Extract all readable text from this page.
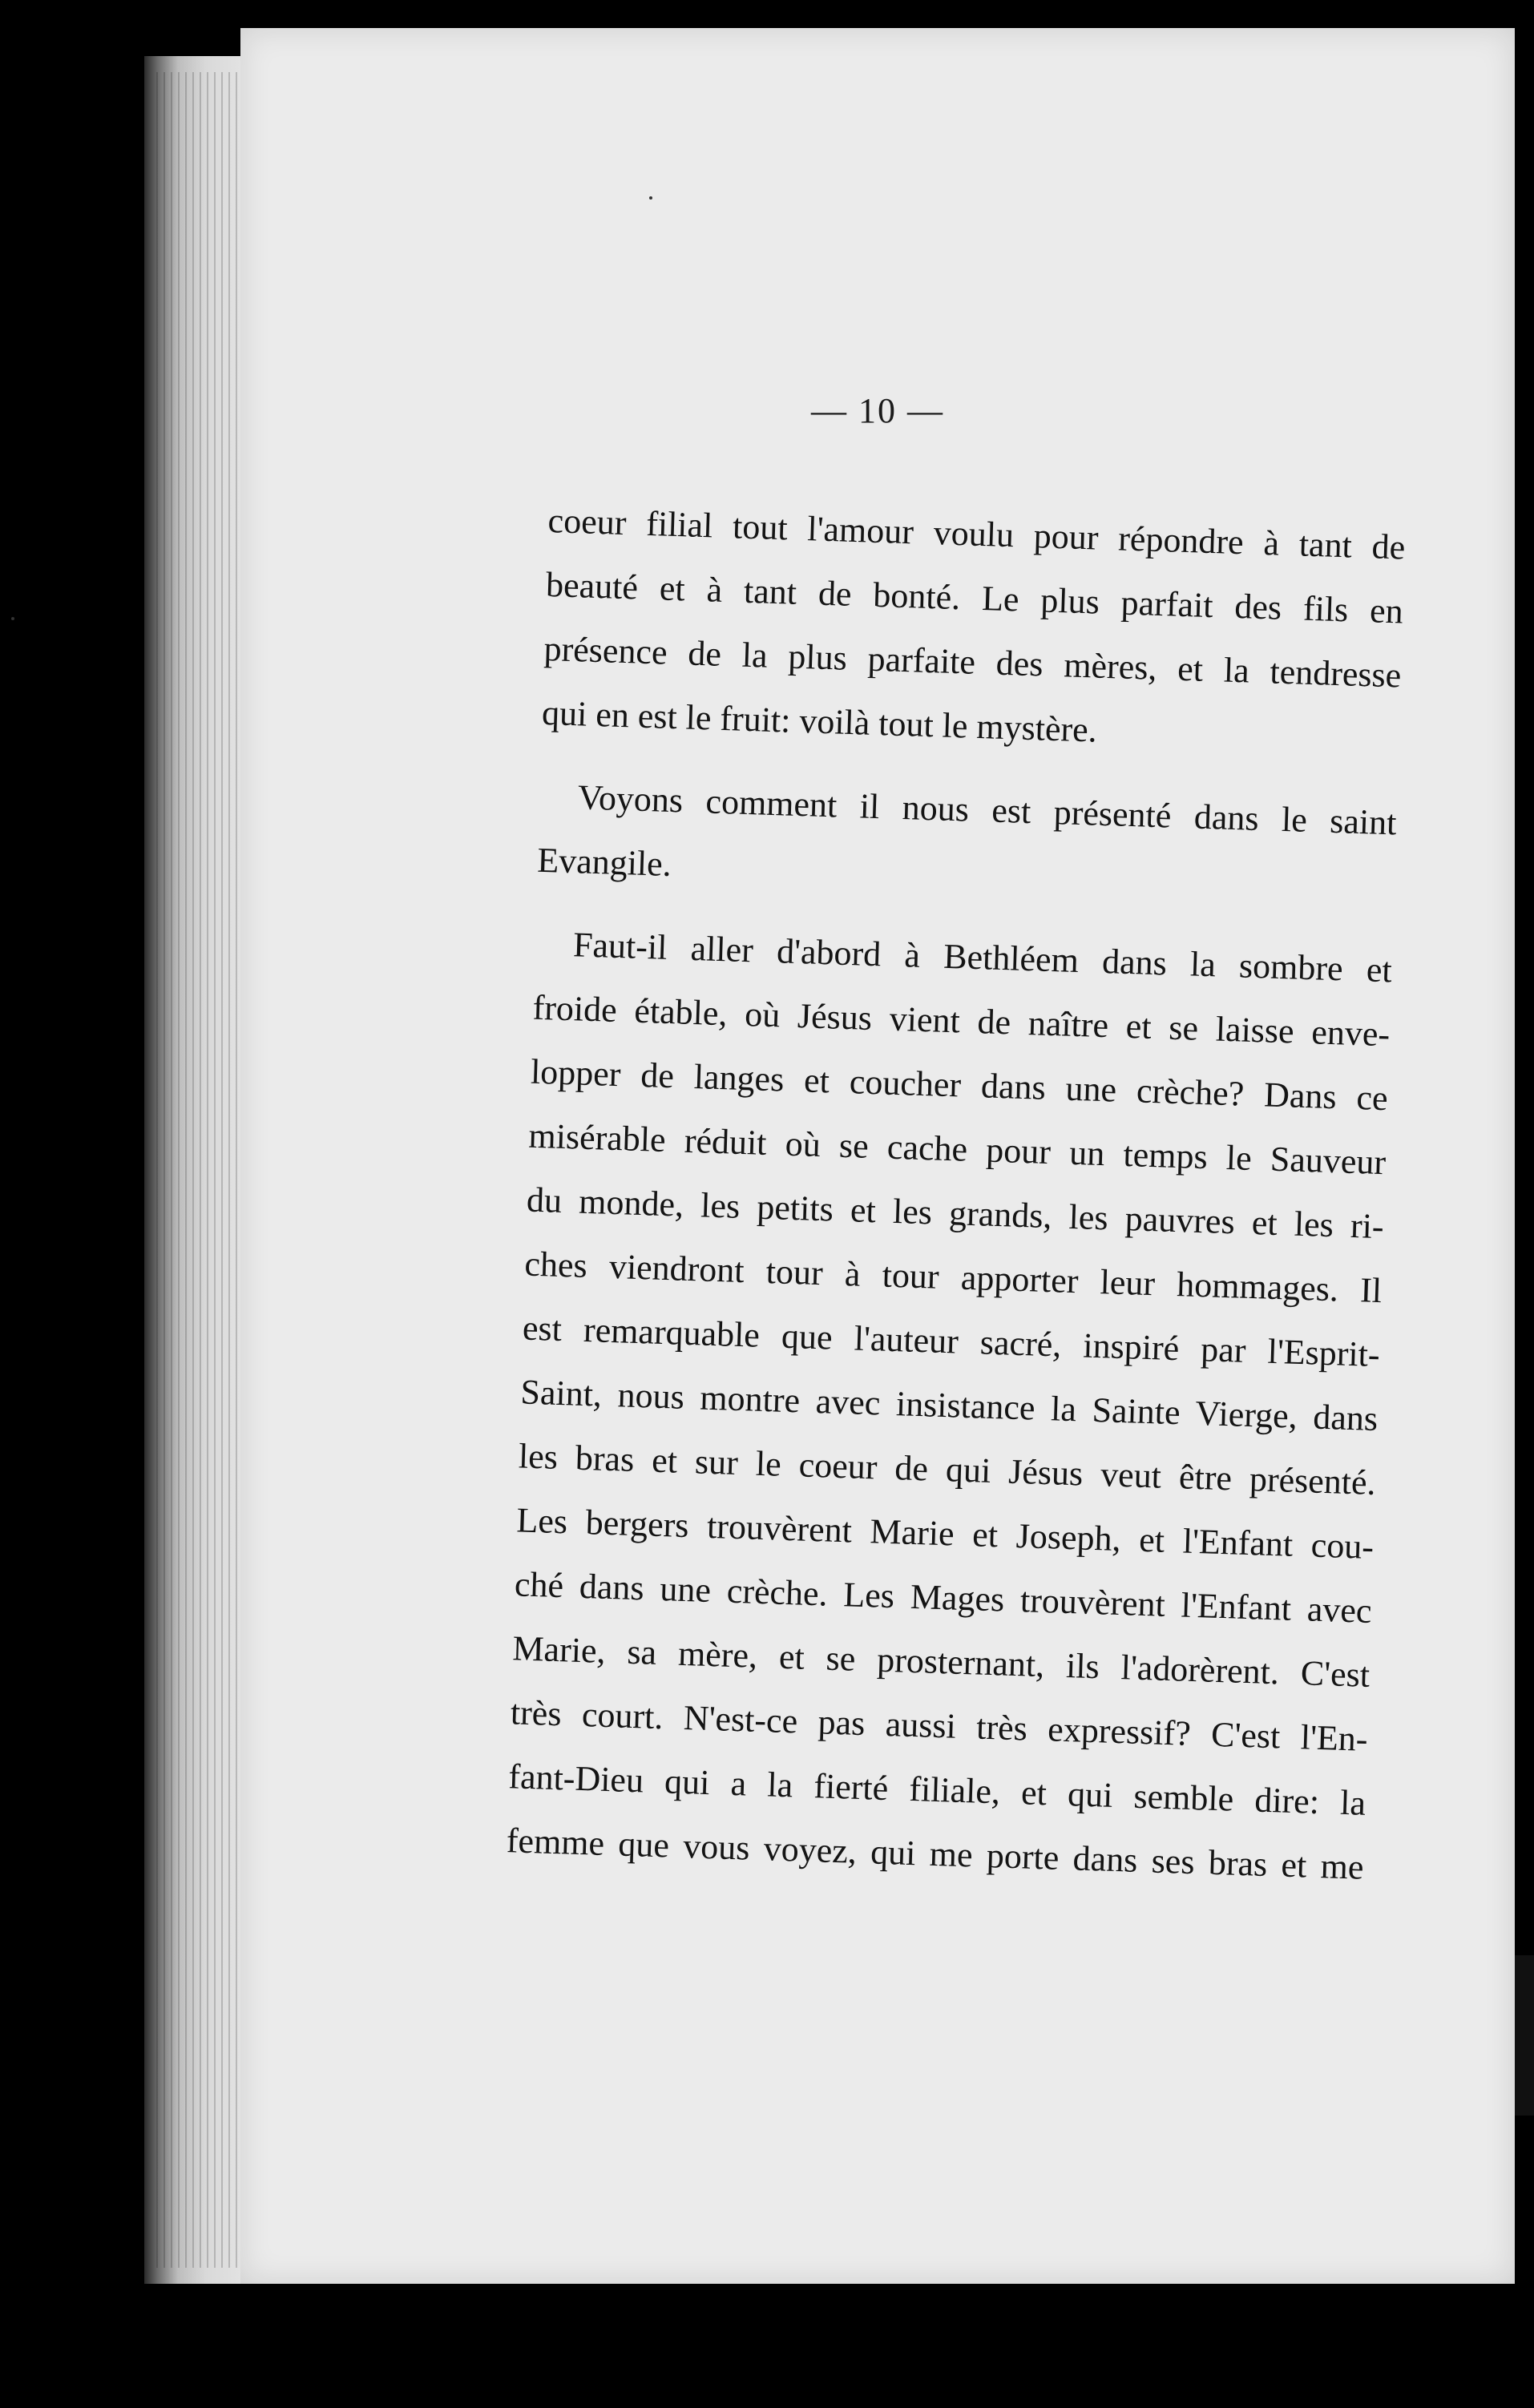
— 10 —
coeur filial tout l'amour voulu pour répondre à tant de
beauté et à tant de bonté. Le plus parfait des fils en
présence de la plus parfaite des mères, et la tendresse
qui en est le fruit: voilà tout le mystère.
Voyons comment il nous est présenté dans le saint
Evangile.
Faut-il aller d'abord à Bethléem dans la sombre et
froide étable, où Jésus vient de naître et se laisse enve-
lopper de langes et coucher dans une crèche? Dans ce
misérable réduit où se cache pour un temps le Sauveur
du monde, les petits et les grands, les pauvres et les ri-
ches viendront tour à tour apporter leur hommages. Il
est remarquable que l'auteur sacré, inspiré par l'Esprit-
Saint, nous montre avec insistance la Sainte Vierge, dans
les bras et sur le coeur de qui Jésus veut être présenté.
Les bergers trouvèrent Marie et Joseph, et l'Enfant cou-
ché dans une crèche. Les Mages trouvèrent l'Enfant avec
Marie, sa mère, et se prosternant, ils l'adorèrent. C'est
très court. N'est-ce pas aussi très expressif? C'est l'En-
fant-Dieu qui a la fierté filiale, et qui semble dire: la
femme que vous voyez, qui me porte dans ses bras et me
